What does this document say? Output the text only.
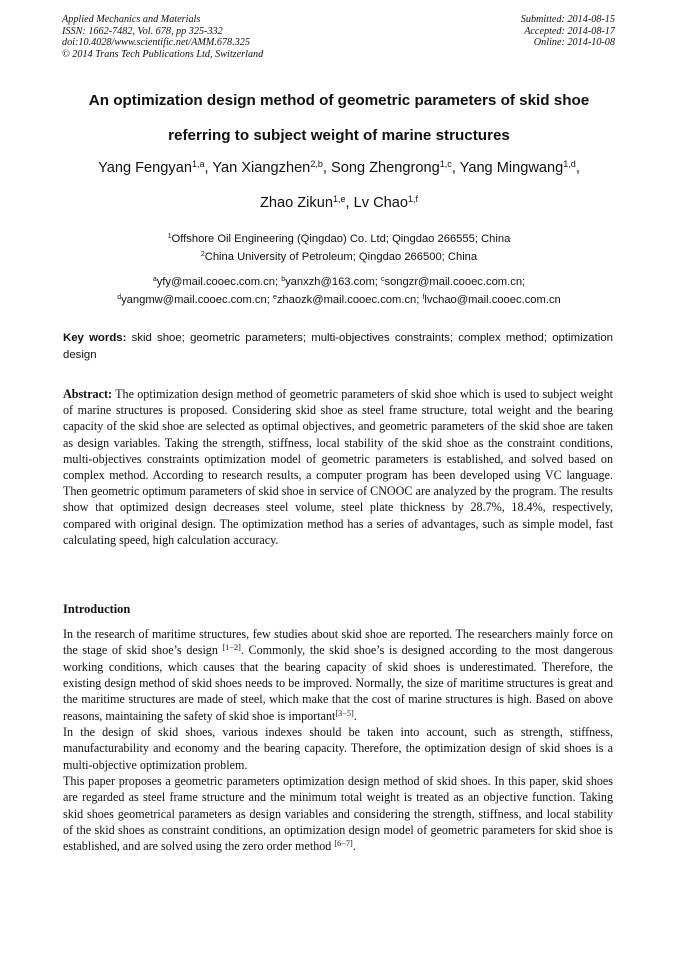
Applied Mechanics and Materials
ISSN: 1662-7482, Vol. 678, pp 325-332
doi:10.4028/www.scientific.net/AMM.678.325
© 2014 Trans Tech Publications Ltd, Switzerland
Submitted: 2014-08-15
Accepted: 2014-08-17
Online: 2014-10-08
An optimization design method of geometric parameters of skid shoe
referring to subject weight of marine structures
Yang Fengyan$^{1,a}$, Yan Xiangzhen$^{2,b}$, Song Zhengrong$^{1,c}$, Yang Mingwang$^{1,d}$,
Zhao Zikun$^{1,e}$, Lv Chao$^{1,f}$
$^1$Offshore Oil Engineering (Qingdao) Co. Ltd; Qingdao 266555; China
$^2$China University of Petroleum; Qingdao 266500; China
$^a$yfy@mail.cooec.com.cn; $^b$yanxzh@163.com; $^c$songzr@mail.cooec.com.cn;
$^d$yangmw@mail.cooec.com.cn; $^e$zhaozk@mail.cooec.com.cn; $^f$lvchao@mail.cooec.com.cn
Key words: skid shoe; geometric parameters; multi-objectives constraints; complex method; optimization design
Abstract: The optimization design method of geometric parameters of skid shoe which is used to subject weight of marine structures is proposed. Considering skid shoe as steel frame structure, total weight and the bearing capacity of the skid shoe are selected as optimal objectives, and geometric parameters of the skid shoe are taken as design variables. Taking the strength, stiffness, local stability of the skid shoe as the constraint conditions, multi-objectives constraints optimization model of geometric parameters is established, and solved based on complex method. According to research results, a computer program has been developed using VC language. Then geometric optimum parameters of skid shoe in service of CNOOC are analyzed by the program. The results show that optimized design decreases steel volume, steel plate thickness by 28.7%, 18.4%, respectively, compared with original design. The optimization method has a series of advantages, such as simple model, fast calculating speed, high calculation accuracy.
Introduction

In the research of maritime structures, few studies about skid shoe are reported. The researchers mainly force on the stage of skid shoe’s design [1−2]. Commonly, the skid shoe’s is designed according to the most dangerous working conditions, which causes that the bearing capacity of skid shoes is underestimated. Therefore, the existing design method of skid shoes needs to be improved. Normally, the size of maritime structures is great and the maritime structures are made of steel, which make that the cost of marine structures is high. Based on above reasons, maintaining the safety of skid shoe is important[3−5].

In the design of skid shoes, various indexes should be taken into account, such as strength, stiffness, manufacturability and economy and the bearing capacity. Therefore, the optimization design of skid shoes is a multi-objective optimization problem.

This paper proposes a geometric parameters optimization design method of skid shoes. In this paper, skid shoes are regarded as steel frame structure and the minimum total weight is treated as an objective function. Taking skid shoes geometrical parameters as design variables and considering the strength, stiffness, and local stability of the skid shoes as constraint conditions, an optimization design model of geometric parameters for skid shoe is established, and are solved using the zero order method [6−7].
